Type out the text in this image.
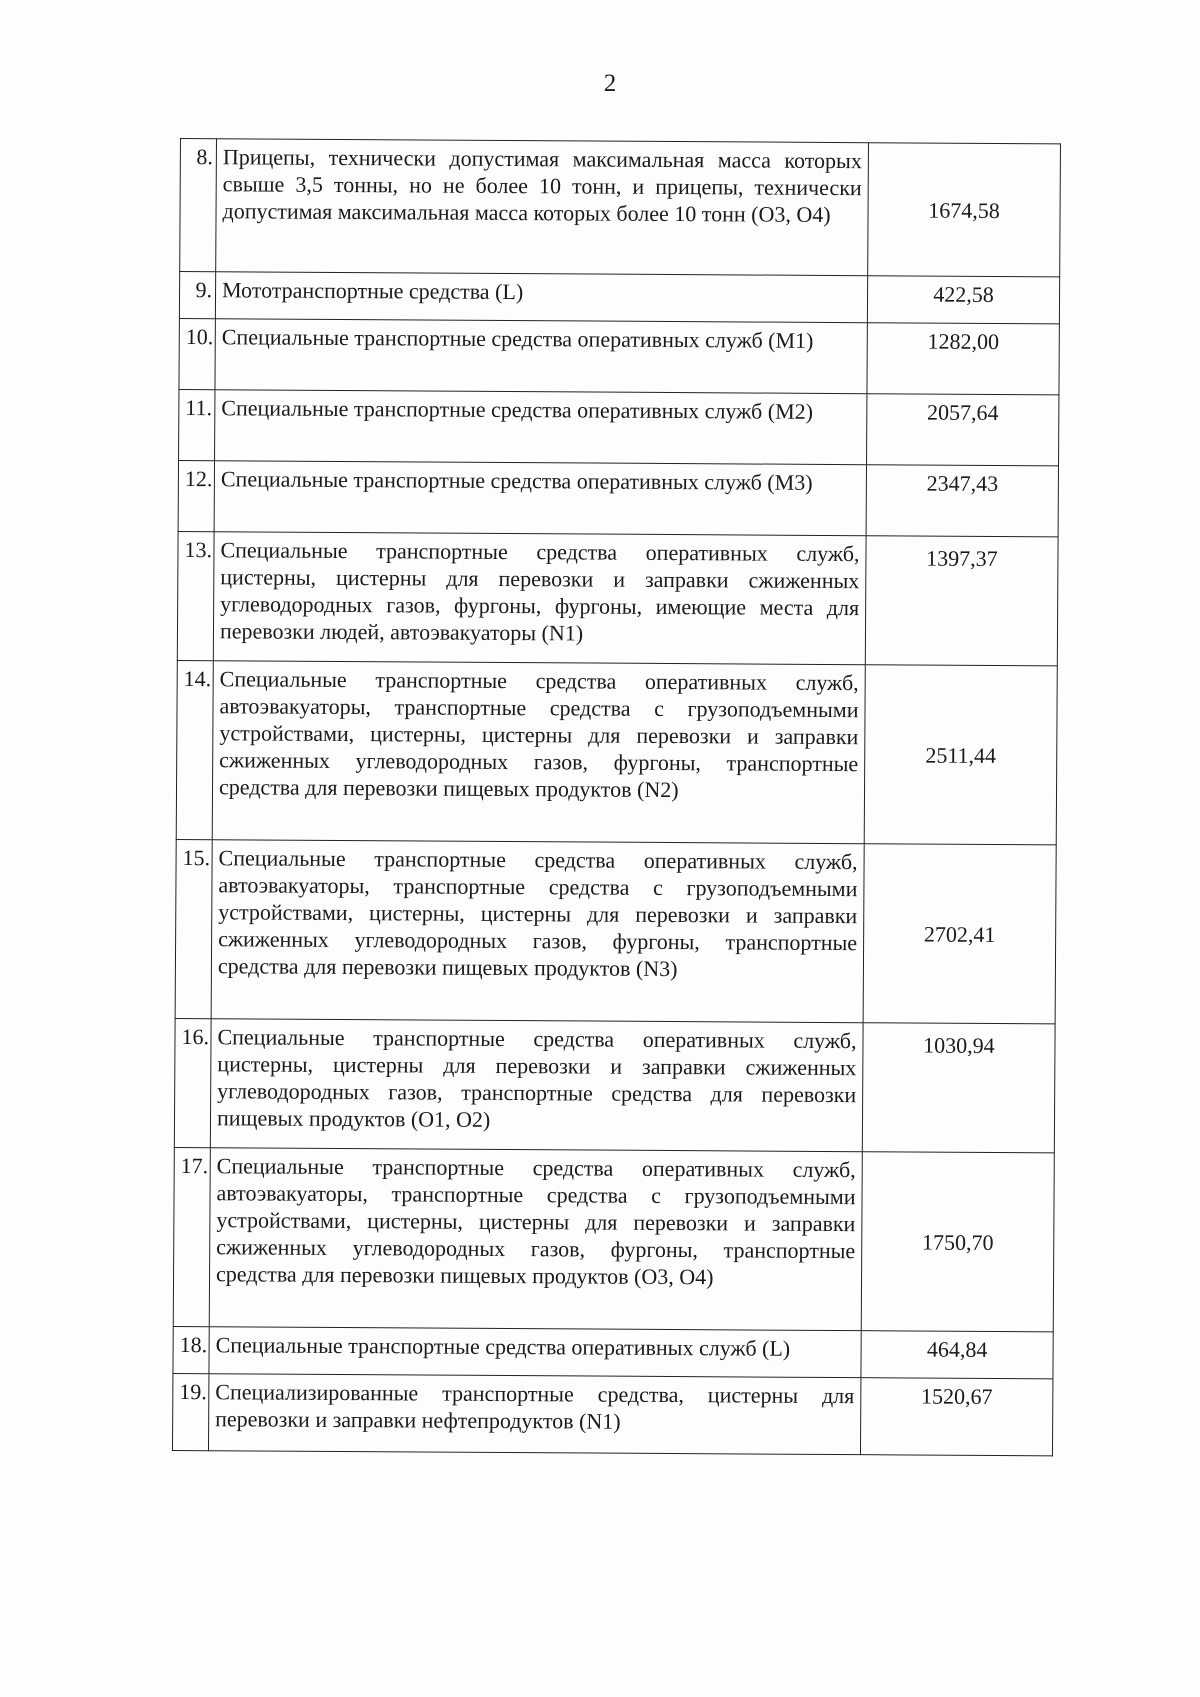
2
8.	Прицепы, технически допустимая максимальная масса которых свыше 3,5 тонны, но не более 10 тонн, и прицепы, технически допустимая максимальная масса которых более 10 тонн (O3, O4)	1674,58
9.	Мототранспортные средства (L)	422,58
10.	Специальные транспортные средства оперативных служб (M1)	1282,00
11.	Специальные транспортные средства оперативных служб (M2)	2057,64
12.	Специальные транспортные средства оперативных служб (M3)	2347,43
13.	Специальные транспортные средства оперативных служб, цистерны, цистерны для перевозки и заправки сжиженных углеводородных газов, фургоны, фургоны, имеющие места для перевозки людей, автоэвакуаторы (N1)	1397,37
14.	Специальные транспортные средства оперативных служб, автоэвакуаторы, транспортные средства с грузоподъемными устройствами, цистерны, цистерны для перевозки и заправки сжиженных углеводородных газов, фургоны, транспортные средства для перевозки пищевых продуктов (N2)	2511,44
15.	Специальные транспортные средства оперативных служб, автоэвакуаторы, транспортные средства с грузоподъемными устройствами, цистерны, цистерны для перевозки и заправки сжиженных углеводородных газов, фургоны, транспортные средства для перевозки пищевых продуктов (N3)	2702,41
16.	Специальные транспортные средства оперативных служб, цистерны, цистерны для перевозки и заправки сжиженных углеводородных газов, транспортные средства для перевозки пищевых продуктов (O1, O2)	1030,94
17.	Специальные транспортные средства оперативных служб, автоэвакуаторы, транспортные средства с грузоподъемными устройствами, цистерны, цистерны для перевозки и заправки сжиженных углеводородных газов, фургоны, транспортные средства для перевозки пищевых продуктов (O3, O4)	1750,70
18.	Специальные транспортные средства оперативных служб (L)	464,84
19.	Специализированные транспортные средства, цистерны для перевозки и заправки нефтепродуктов (N1)	1520,67
